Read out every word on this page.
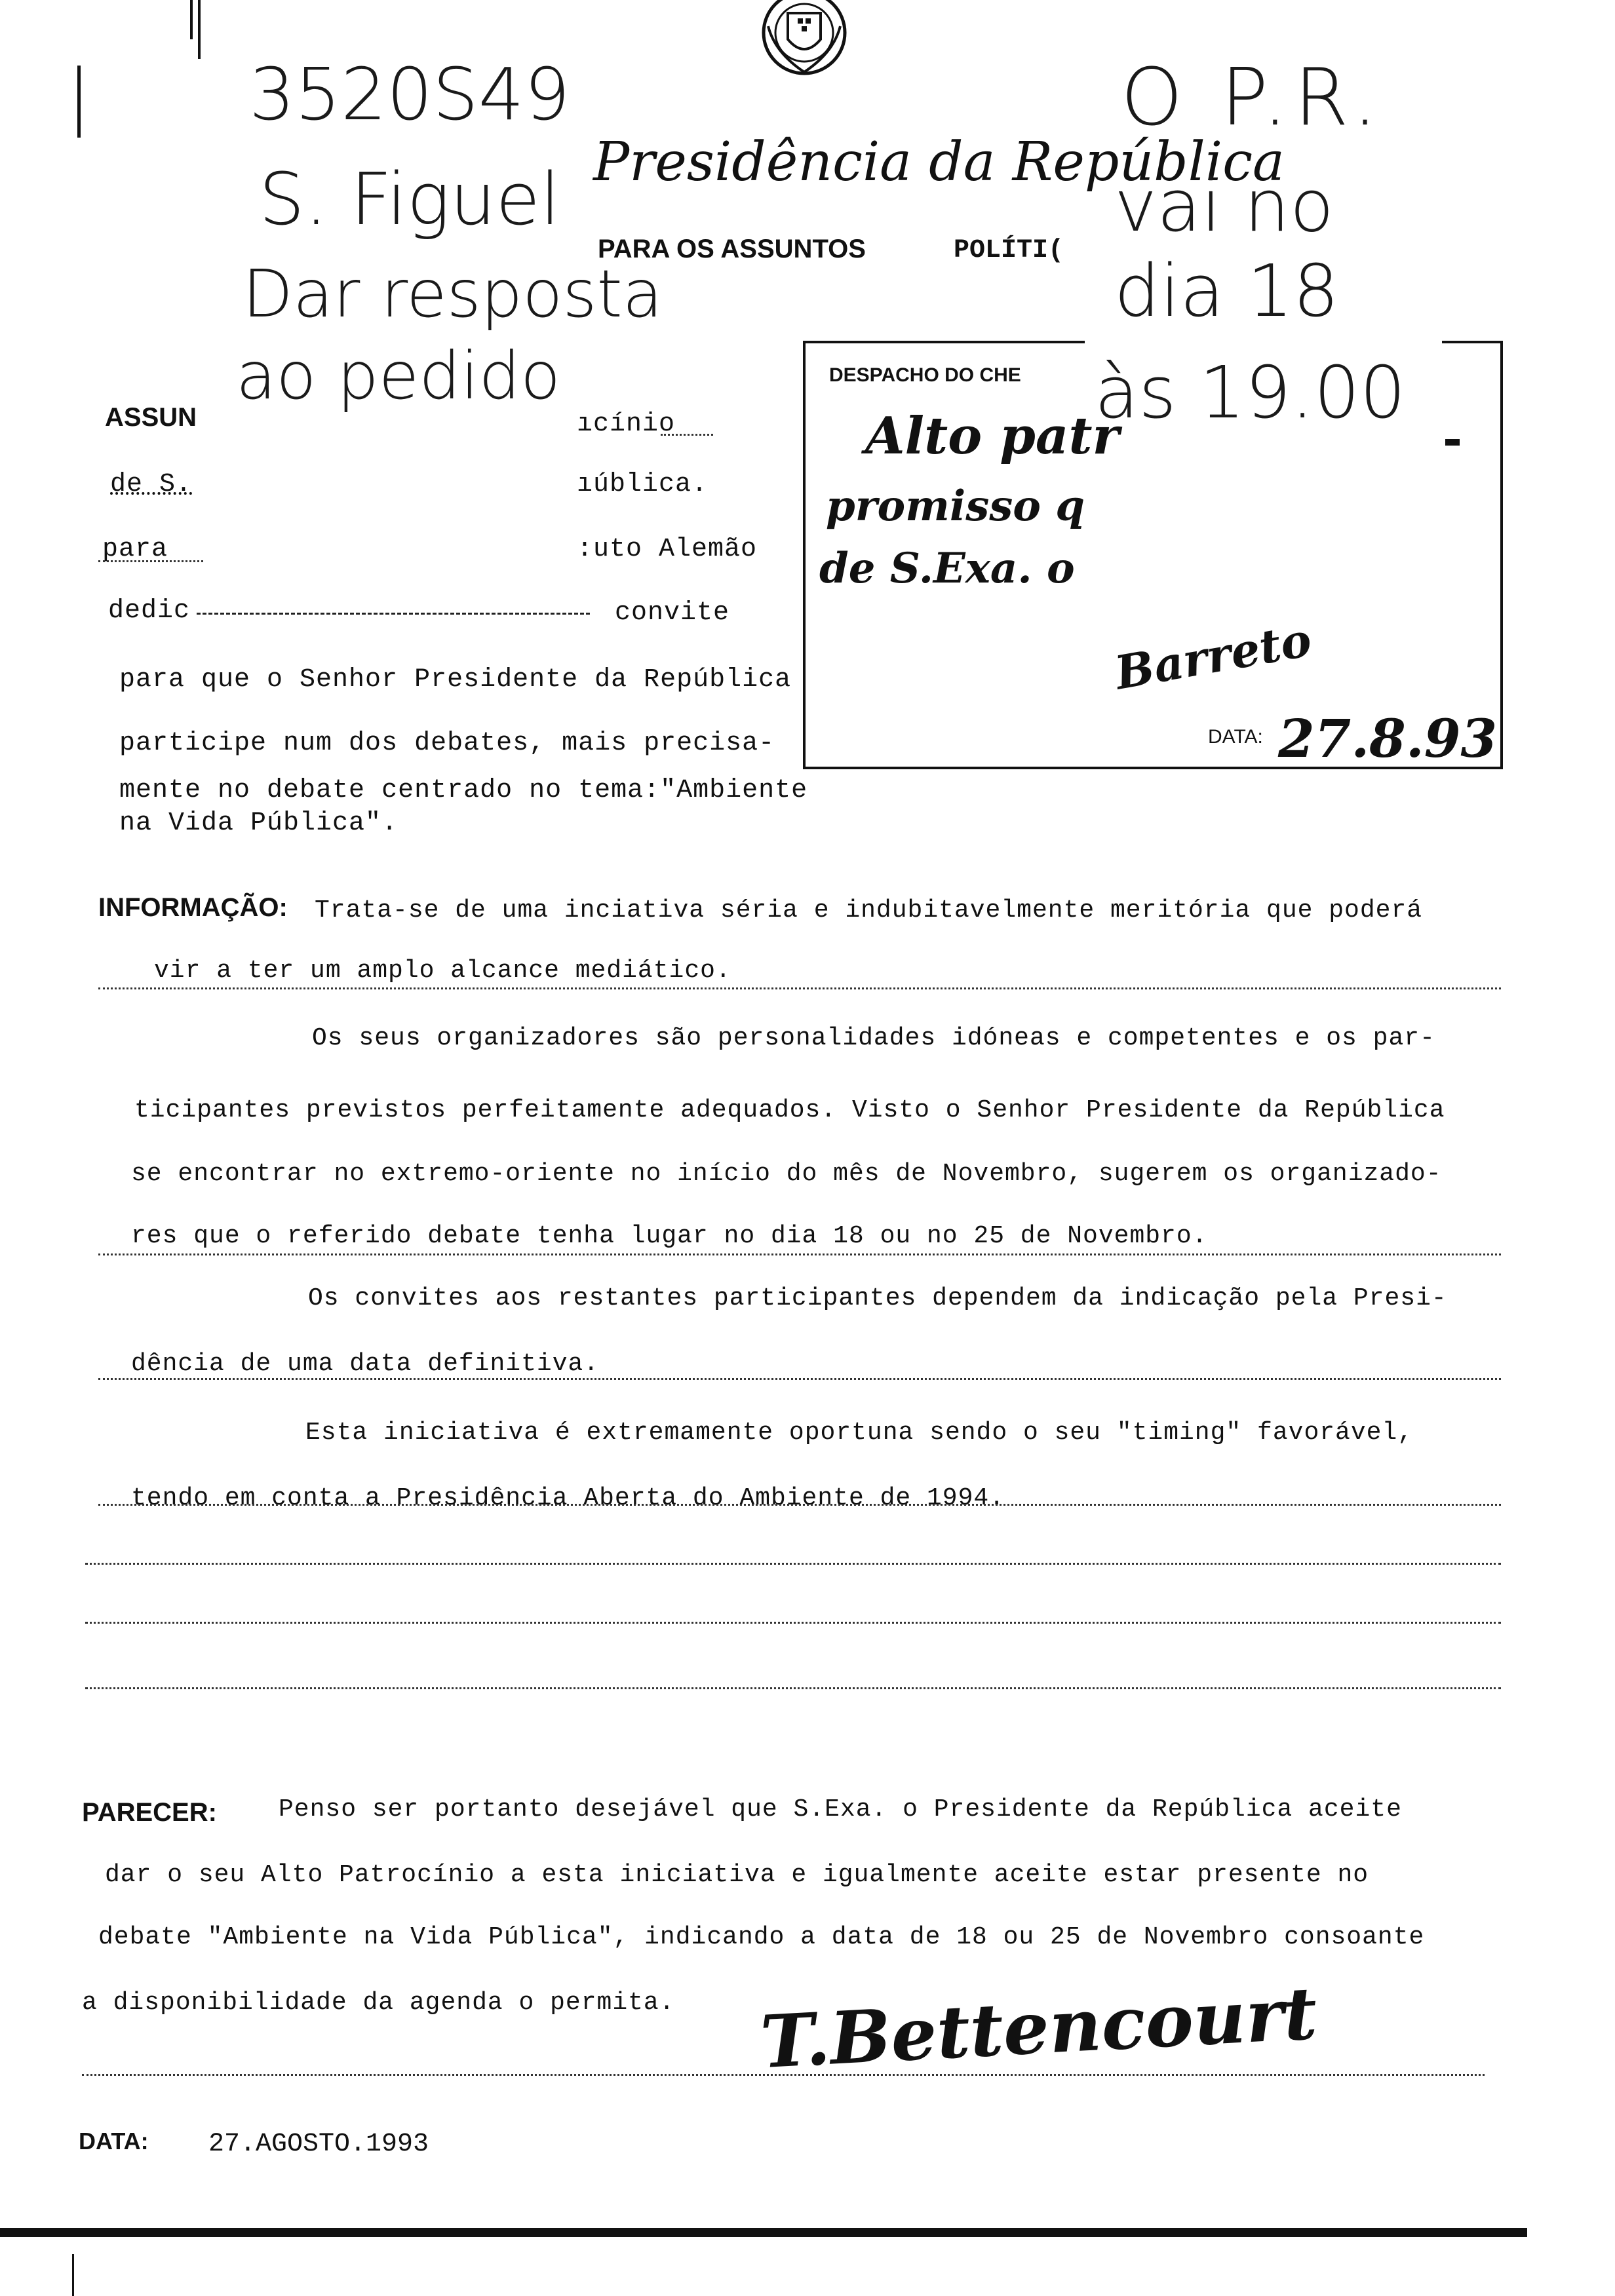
3520S49
S. Figuel
Dar resposta
ao pedido
Presidência da República
PARA OS ASSUNTOS	POLÍTI(
O P.R.
vai no
dia 18
às 19.00
DESPACHO DO CHE
Alto patr
promisso q
de S.Exa. o
Barreto
DATA: 27.8.93
ASSUN	ıcínio
de S.	ıública.
para	:uto Alemão
dedic	convite
para que o Senhor Presidente da República
participe num dos debates, mais precisa-
mente no debate centrado no tema:"Ambiente
na Vida Pública".
INFORMAÇÃO: Trata-se de uma inciativa séria e indubitavelmente meritória que poderá
vir a ter um amplo alcance mediático.
Os seus organizadores são personalidades idóneas e competentes e os par-
ticipantes previstos perfeitamente adequados. Visto o Senhor Presidente da República
se encontrar no extremo-oriente no início do mês de Novembro, sugerem os organizado-
res que o referido debate tenha lugar no dia 18 ou no 25 de Novembro.
Os convites aos restantes participantes dependem da indicação pela Presi-
dência de uma data definitiva.
Esta iniciativa é extremamente oportuna sendo o seu "timing" favorável,
tendo em conta a Presidência Aberta do Ambiente de 1994.
PARECER: Penso ser portanto desejável que S.Exa. o Presidente da República aceite
dar o seu Alto Patrocínio a esta iniciativa e igualmente aceite estar presente no
debate "Ambiente na Vida Pública", indicando a data de 18 ou 25 de Novembro consoante
a disponibilidade da agenda o permita. T.Bettencourt
DATA: 27.AGOSTO.1993
